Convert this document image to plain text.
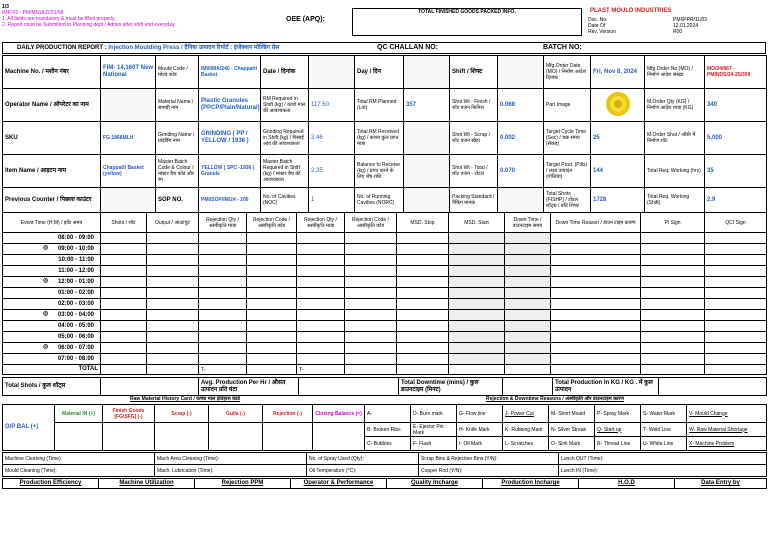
1/3
IMP-02 - PM/MOULD/21/99
1. All fields are mandatory & must be filled properly.
2. Report must be Submitted to Planning dept / Admin after shift end everyday
OEE (APQ):
TOTAL FINISHED GOODS PACKED INFO.	PLAST MOULD INDUSTRIES
Doc. No.	PMI/PPR/11/03
Date Of	12.01.2024
Rev. Version	R00
DAILY PRODUCTION REPORT : Injection Moulding Press / दैनिक उत्पादन रिपोर्ट : इंजेक्शन मोल्डिंग प्रेस	QC CHALLAN NO:	BATCH NO:
Machine No. / मशीन नंबर	FIM- 14,160T New National	Mould Code / मोल्ड कोड	IM008IA/240 - Chappatti Basket	Date / दिनांक		Day / दिन		Shift / शिफ्ट		Mfg.Order Date (MO) / निर्माण आदेश दिनांक	Fri, Nov 8, 2024	Mfg.Order No (MO) / निर्माण आदेश संख्या	MO/24/867 - PMINDS/24-25/399
Operator Name / ऑपरेटर का नाम		Material Name / सामग्री नाम	Plastic Granules (PPCP/Plain/Natural)	RM Required in Shift (kg) / कच्चे माल की आवश्यकता	117.50	Total RM Planned (Lot)	357	Shot Wt - Finish / शॉट वजन फिनिश	0.068	Part Image		M.Order Qty (KG) / निर्माण आदेश मात्रा (KG)	340
SKU	FG 1868MLH	Grinding Name / ग्राइंडिंग नाम	GRINDING ( PP / YELLOW / 1936 )	Grinding Required in Shift (kg) / पिसाई आव की आवश्यकता	3.46	Total RM Received (kg) / कच्चा कुल प्राप्त मात्रा		Shot Wt - Scrap / शॉट वजन स्क्रैप	0.002	Target Cycle Time (Sec) / चक्र समय (सेकंड)	25	M.Order Shot / ऑर्डर में निर्माण शॉट	5,000
Item Name / आइटम नाम	Chappatti Basket (yellow)	Master Batch Code & Colour / मास्टर बैच कोड और रंग	YELLOW ( SPC -1936 ) Granule	Master Batch Required in Shift (kg) / मास्टर बैच की आवश्यकता	2.35	Balance to Receive (kg) / प्राप्त करने के लिए शेष राशि		Shot Wt - Total / शॉट वजन - टोटल	0.070	Target Prod. (Pills) / लक्ष्य उत्पादन (गोलियां)	144	Total Req. Working (hrs)	35
Previous Counter / पिछला काउंटर		SOP NO.	PMI/SOP/IM/24 - 206	No. of Cavities (NOC)	1	No. of Running Cavities (NORC)		Packing Standard / पैकिंग मानक		Total Shots (FISHP) / टोटल शॉट्स / प्रति शिफ्ट	1728	Total Req. Working (Shift)	2.9
Event Time (H:M) / इवेंट समय	Shots / शॉट	Output / आउटपुट	Rejection Qty / अस्वीकृति मात्रा	Rejection Code / अस्वीकृति कोड	Rejection Qty / अस्वीकृति मात्रा	Rejection Code / अस्वीकृति कोड	MSD. Stop	MSD. Start	Down Time / डाउनटाइम समय	Down Time Reason / डाउन टाइम कारण	PI Sign	QCI Sign
08:00 - 09:00												

◎ 09:00 - 10:00												
10:00 - 11:00												
11:00 - 12:00												

◎ 12:00 - 01:00												
01:00 - 02:00												
02:00 - 03:00												

◎ 03:00 - 04:00												
04:00 - 05:00												
05:00 - 06:00												

◎ 06:00 - 07:00												
07:00 - 08:00												
TOTAL			T-		T-							
Total Shots / कुल शॉट्स		Avg. Production Per Hr / औसत उत्पादन प्रति घंटा		Total Downtime (mins) / कुल डाउनटाइम (मिनट)		Total Production In KG / KG . में कुल उत्पादन	
Raw Material History Card / कच्चा माल इतिहास कार्ड	Rejection & Downtime Reasons / अस्वीकृति और डाउनटाइम कारण
O/P BAL (+)	Material IN (+)	Finish Goods [FG/SFG] (-)	Scrap (-)	Gulla (-)	Rejection (-)	Closing Balance (=)	A-	D- Burn mark	G- Flow line	J- Power Cut	M- Short Mould	P- Spray Mark	S- Water Mark	V- Mould Change
							B- Broken Ribs	E- Ejector Pin Mark	H- Knife Mark	K- Rubbing Mark	N- Silver Streak	Q- Start up	T- Weld Line	W- Raw Material Shortage
							C- Bubbles	F- Flash	I- Oil Mark	L- Scratches	O- Sink Mark	R- Thread Line	U- White Line	X- Machine Problem
Machine Cleaning (Time):	Mach Area Cleaning (Time):	No. of Spray Used (Qty):	Scrap Bins & Rejection Bins (Y/N):	Lunch OUT (Time):
Mould Cleaning (Time):	Mach. Lubrication (Time):	Oil Temperature (°C):	Copper Rod (Y/N):	Lunch IN (Time):
Production Efficiency	Machine Utilization	Rejection PPM	Operator & Performance	Quality Incharge	Production Incharge	H.O.D	Data Entry by
